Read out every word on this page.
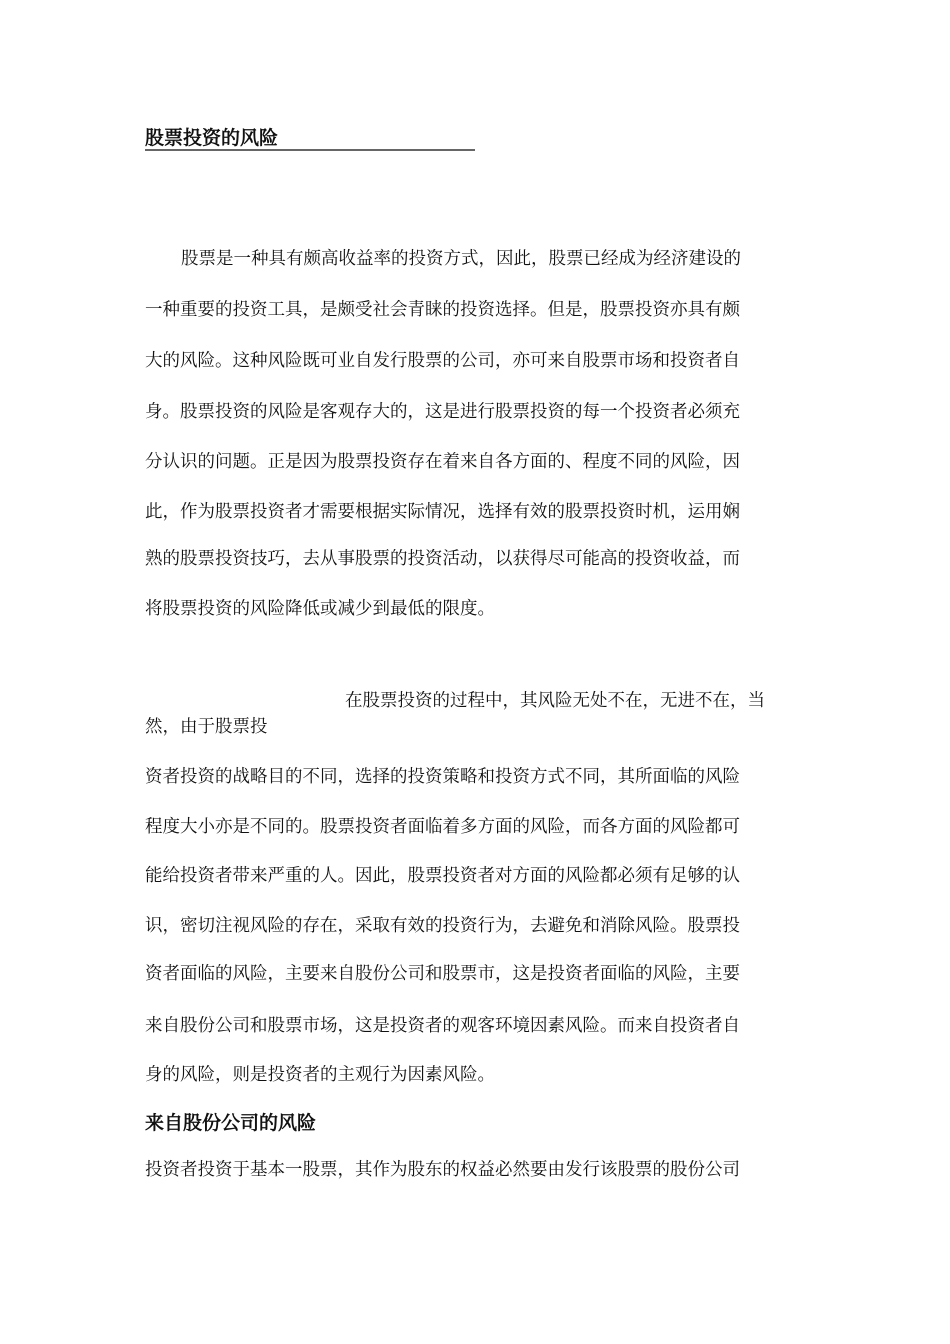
股票投资的风险

股票是一种具有颇高收益率的投资方式，因此，股票已经成为经济建设的

一种重要的投资工具，是颇受社会青睐的投资选择。但是，股票投资亦具有颇

大的风险。这种风险既可业自发行股票的公司，亦可来自股票市场和投资者自

身。股票投资的风险是客观存大的，这是进行股票投资的每一个投资者必须充

分认识的问题。正是因为股票投资存在着来自各方面的、程度不同的风险，因

此，作为股票投资者才需要根据实际情况，选择有效的股票投资时机，运用娴

熟的股票投资技巧，去从事股票的投资活动，以获得尽可能高的投资收益，而

将股票投资的风险降低或减少到最低的限度。

在股票投资的过程中，其风险无处不在，无进不在，当

然，由于股票投

资者投资的战略目的不同，选择的投资策略和投资方式不同，其所面临的风险

程度大小亦是不同的。股票投资者面临着多方面的风险，而各方面的风险都可

能给投资者带来严重的人。因此，股票投资者对方面的风险都必须有足够的认

识，密切注视风险的存在，采取有效的投资行为，去避免和消除风险。股票投

资者面临的风险，主要来自股份公司和股票市，这是投资者面临的风险，主要

来自股份公司和股票市场，这是投资者的观客环境因素风险。而来自投资者自

身的风险，则是投资者的主观行为因素风险。

来自股份公司的风险

投资者投资于基本一股票，其作为股东的权益必然要由发行该股票的股份公司
